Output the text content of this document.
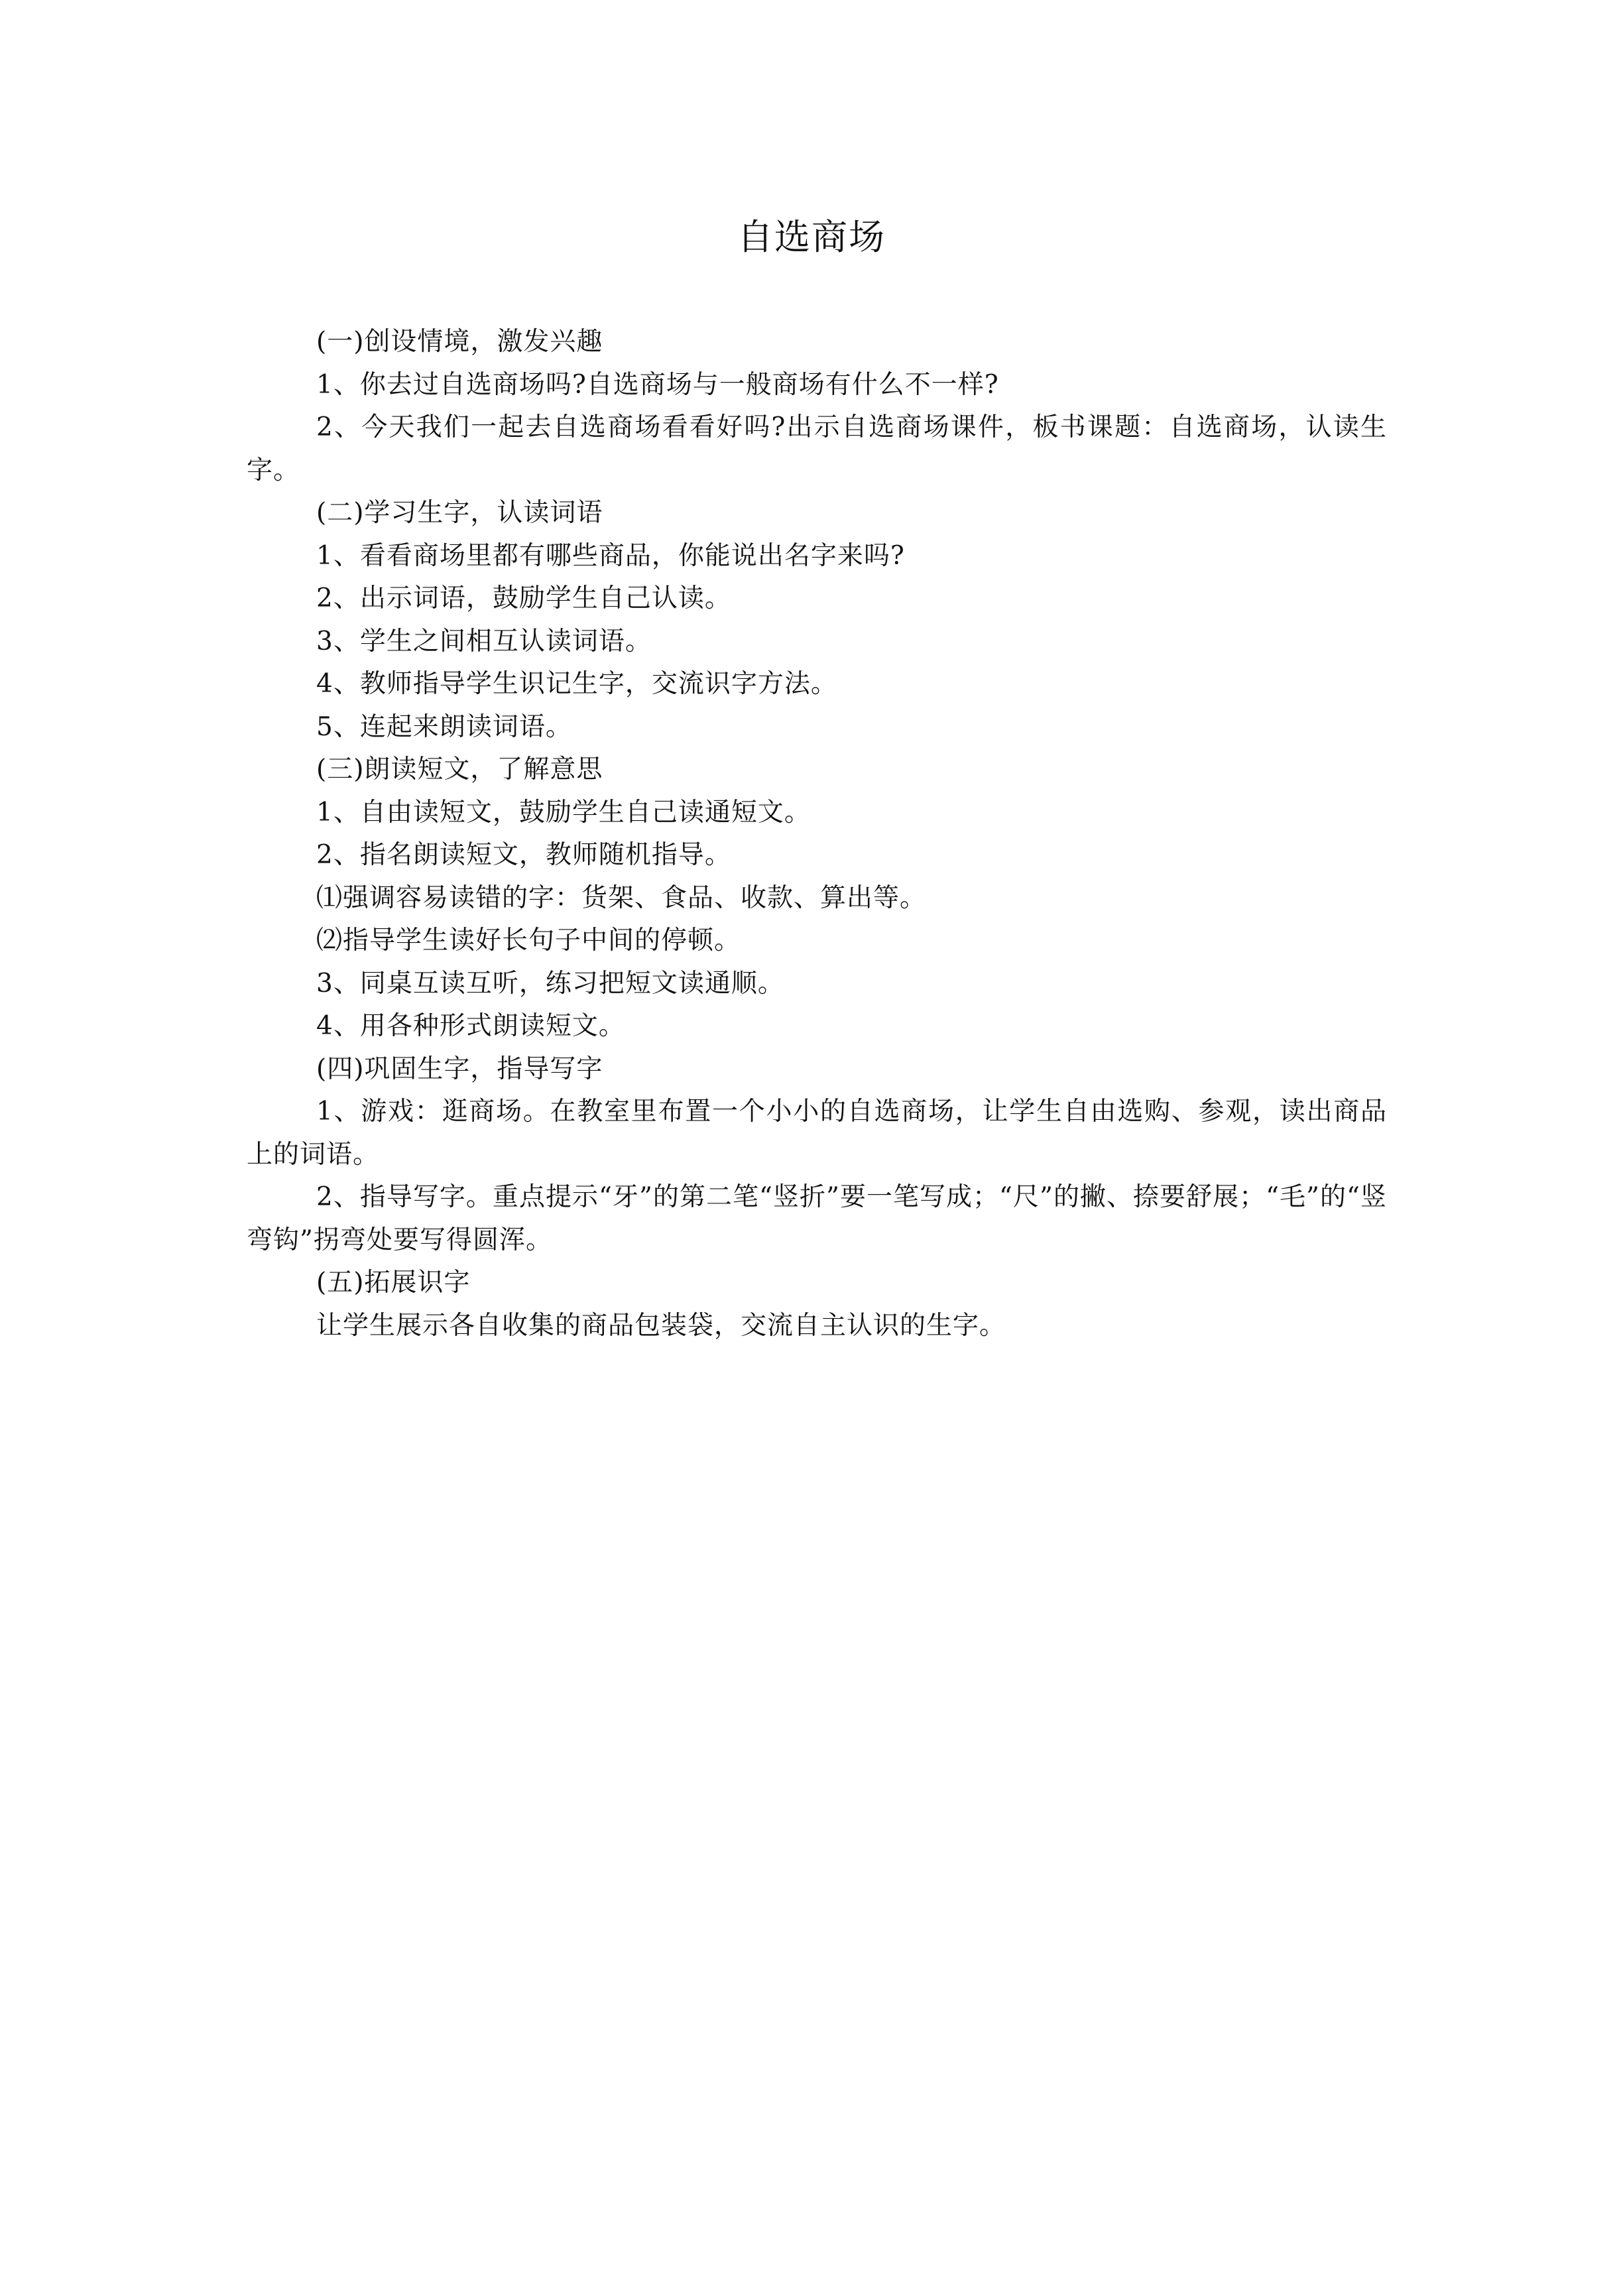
自选商场

(一)创设情境，激发兴趣

1、你去过自选商场吗?自选商场与一般商场有什么不一样?

2、今天我们一起去自选商场看看好吗?出示自选商场课件，板书课题：自选商场，认读生字。

(二)学习生字，认读词语

1、看看商场里都有哪些商品，你能说出名字来吗?

2、出示词语，鼓励学生自己认读。

3、学生之间相互认读词语。

4、教师指导学生识记生字，交流识字方法。

5、连起来朗读词语。

(三)朗读短文，了解意思

1、自由读短文，鼓励学生自己读通短文。

2、指名朗读短文，教师随机指导。

⑴强调容易读错的字：货架、食品、收款、算出等。

⑵指导学生读好长句子中间的停顿。

3、同桌互读互听，练习把短文读通顺。

4、用各种形式朗读短文。

(四)巩固生字，指导写字

1、游戏：逛商场。在教室里布置一个小小的自选商场，让学生自由选购、参观，读出商品上的词语。

2、指导写字。重点提示“牙”的第二笔“竖折”要一笔写成；“尺”的撇、捺要舒展；“毛”的“竖弯钩”拐弯处要写得圆浑。

(五)拓展识字

让学生展示各自收集的商品包装袋，交流自主认识的生字。
